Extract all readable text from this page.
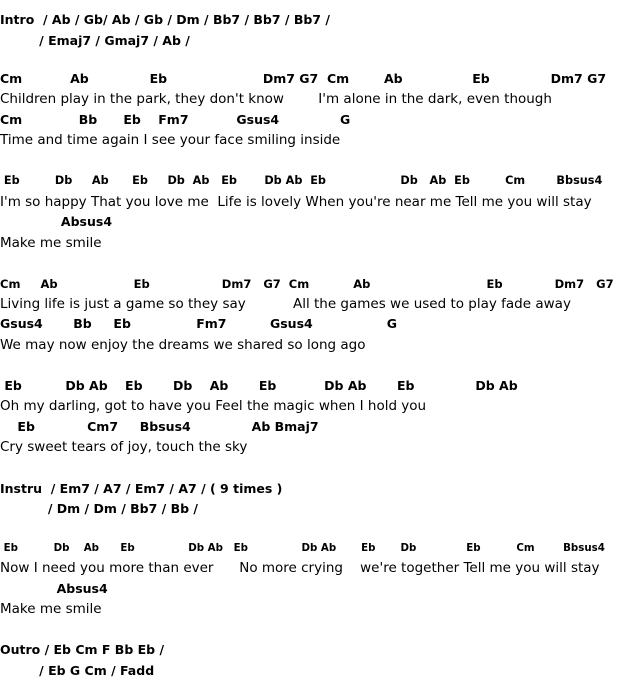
Intro  / Ab / Gb/ Ab / Gb / Dm / Bb7 / Bb7 / Bb7 /
/ Emaj7 / Gmaj7 / Ab /
Cm           Ab              Eb                      Dm7 G7  Cm        Ab                Eb              Dm7 G7
Children play in the park, they don't know        I'm alone in the dark, even though
Cm             Bb      Eb    Fm7           Gsus4              G
Time and time again I see your face smiling inside
Eb         Db     Ab      Eb     Db  Ab   Eb       Db Ab  Eb                   Db   Ab  Eb         Cm        Bbsus4
I'm so happy That you love me  Life is lovely When you're near me Tell me you will stay
Absus4
Make me smile
Cm     Ab                   Eb                  Dm7   G7  Cm           Ab                             Eb             Dm7   G7
Living life is just a game so they say           All the games we used to play fade away
Gsus4       Bb     Eb               Fm7          Gsus4                 G
We may now enjoy the dreams we shared so long ago
Eb          Db Ab    Eb       Db    Ab       Eb           Db Ab       Eb              Db Ab
Oh my darling, got to have you Feel the magic when I hold you
Eb            Cm7     Bbsus4              Ab Bmaj7
Cry sweet tears of joy, touch the sky
Instru  / Em7 / A7 / Em7 / A7 / ( 9 times )
/ Dm / Dm / Bb7 / Bb /
Eb          Db    Ab      Eb               Db Ab   Eb               Db Ab       Eb       Db              Eb          Cm        Bbsus4
Now I need you more than ever      No more crying    we're together Tell me you will stay
Absus4
Make me smile
Outro / Eb Cm F Bb Eb /
/ Eb G Cm / Fadd
